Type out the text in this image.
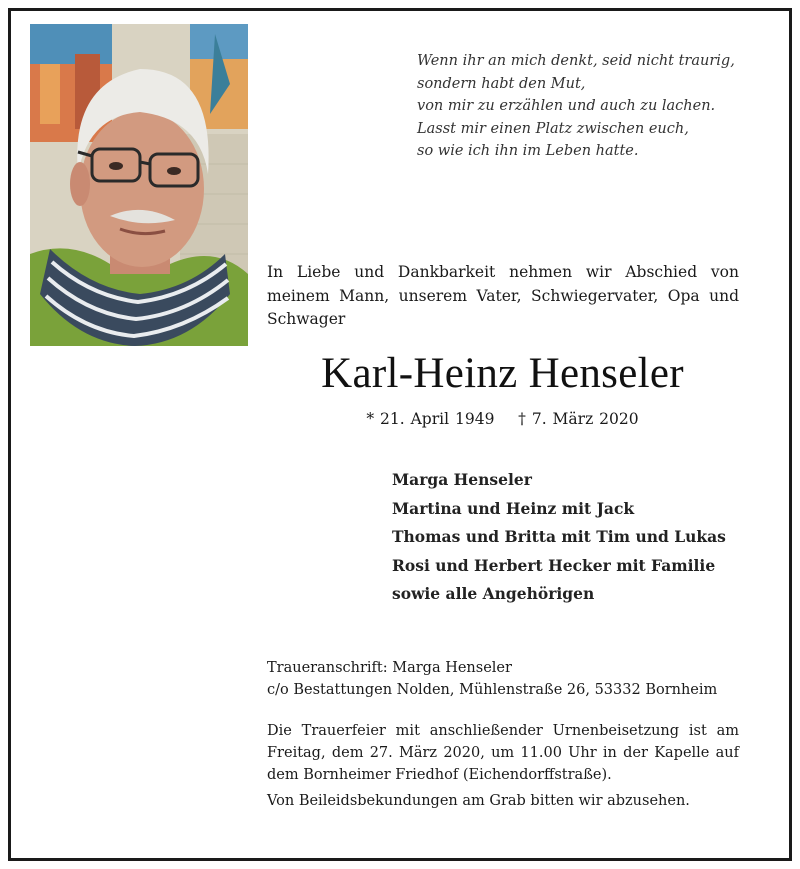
Wenn ihr an mich denkt, seid nicht traurig,
sondern habt den Mut,
von mir zu erzählen und auch zu lachen.
Lasst mir einen Platz zwischen euch,
so wie ich ihn im Leben hatte.
In Liebe und Dankbarkeit nehmen wir Abschied von meinem Mann, unserem Vater, Schwiegervater, Opa und Schwager
Karl-Heinz Henseler
* 21. April 1949 † 7. März 2020
Marga Henseler
Martina und Heinz mit Jack
Thomas und Britta mit Tim und Lukas
Rosi und Herbert Hecker mit Familie
sowie alle Angehörigen
Traueranschrift: Marga Henseler
c/o Bestattungen Nolden, Mühlenstraße 26, 53332 Bornheim
Die Trauerfeier mit anschließender Urnenbeisetzung ist am Freitag, dem 27. März 2020, um 11.00 Uhr in der Kapelle auf dem Bornheimer Friedhof (Eichendorffstraße).
Von Beileidsbekundungen am Grab bitten wir abzusehen.
